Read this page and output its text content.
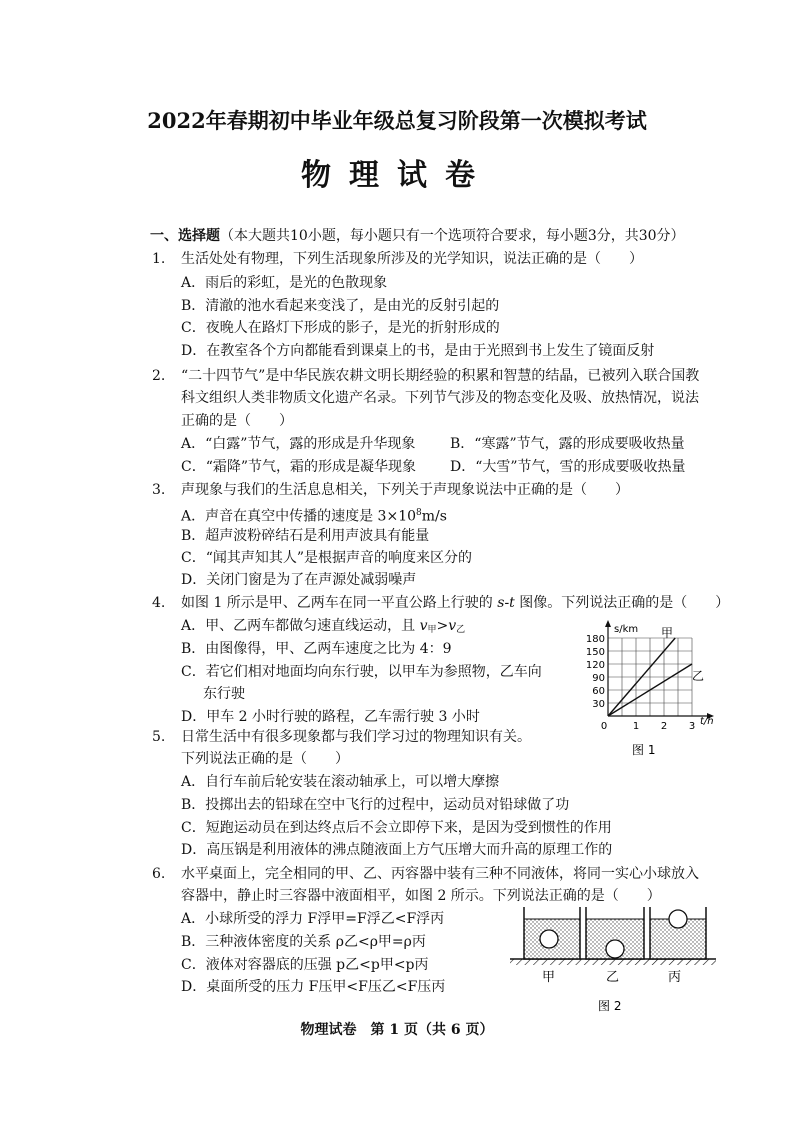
2022年春期初中毕业年级总复习阶段第一次模拟考试
物理试卷
一、选择题（本大题共10小题，每小题只有一个选项符合要求，每小题3分，共30分）
1. 生活处处有物理，下列生活现象所涉及的光学知识，说法正确的是（　　）
A．雨后的彩虹，是光的色散现象
B．清澈的池水看起来变浅了，是由光的反射引起的
C．夜晚人在路灯下形成的影子，是光的折射形成的
D．在教室各个方向都能看到课桌上的书，是由于光照到书上发生了镜面反射
2. “二十四节气”是中华民族农耕文明长期经验的积累和智慧的结晶，已被列入联合国教
科文组织人类非物质文化遗产名录。下列节气涉及的物态变化及吸、放热情况，说法
正确的是（　　）
A．“白露”节气，露的形成是升华现象 B．“寒露”节气，露的形成要吸收热量
C．“霜降”节气，霜的形成是凝华现象 D．“大雪”节气，雪的形成要吸收热量
3. 声现象与我们的生活息息相关，下列关于声现象说法中正确的是（　　）
A．声音在真空中传播的速度是 $3\times 10^8m/s$
B．超声波粉碎结石是利用声波具有能量
C．“闻其声知其人”是根据声音的响度来区分的
D．关闭门窗是为了在声源处减弱噪声
4. 如图 1 所示是甲、乙两车在同一平直公路上行驶的 s-t 图像。下列说法正确的是（　　）
A．甲、乙两车都做匀速直线运动，且 $v_甲>v_乙$
B．由图像得，甲、乙两车速度之比为 4：9
C．若它们相对地面均向东行驶，以甲车为参照物，乙车向
东行驶
D．甲车 2 小时行驶的路程，乙车需行驶 3 小时
s/km
t/h
甲
乙
180
150
120
90
60
30
0	1 2 3
图 1
5. 日常生活中有很多现象都与我们学习过的物理知识有关。
下列说法正确的是（　　）
A．自行车前后轮安装在滚动轴承上，可以增大摩擦
B．投掷出去的铅球在空中飞行的过程中，运动员对铅球做了功
C．短跑运动员在到达终点后不会立即停下来，是因为受到惯性的作用
D．高压锅是利用液体的沸点随液面上方气压增大而升高的原理工作的
6. 水平桌面上，完全相同的甲、乙、丙容器中装有三种不同液体，将同一实心小球放入
容器中，静止时三容器中液面相平，如图 2 所示。下列说法正确的是（　　）
A．小球所受的浮力 F浮甲=F浮乙<F浮丙
B．三种液体密度的关系 ρ乙<ρ甲=ρ丙
C．液体对容器底的压强 p乙<p甲<p丙
D．桌面所受的压力 F压甲<F压乙<F压丙
甲	乙	丙
图 2
物理试卷　第 1 页（共 6 页）
